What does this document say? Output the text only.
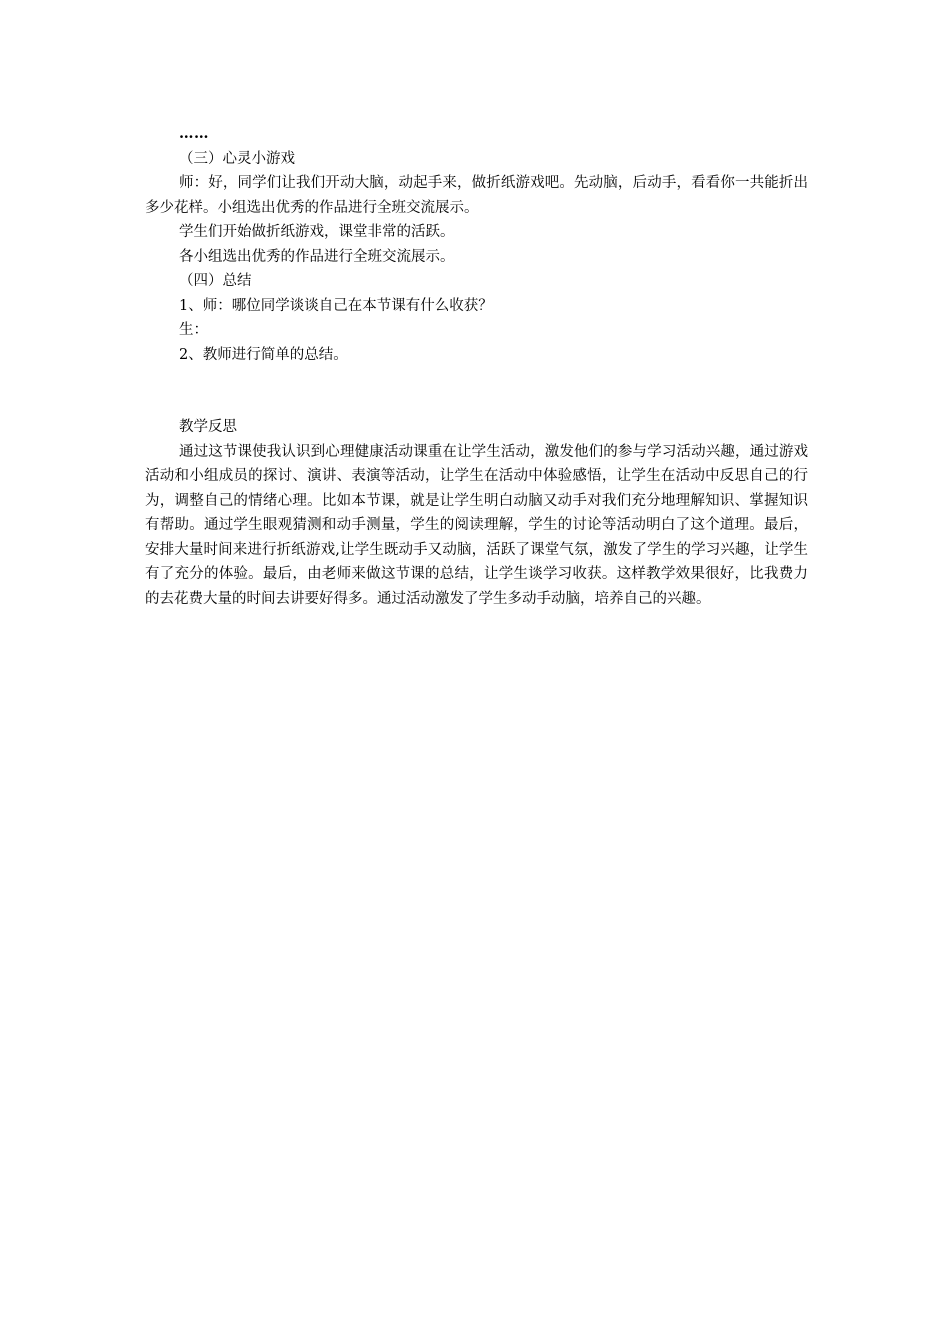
……

（三）心灵小游戏

师：好，同学们让我们开动大脑，动起手来，做折纸游戏吧。先动脑，后动手，看看你一共能折出多少花样。小组选出优秀的作品进行全班交流展示。

学生们开始做折纸游戏，课堂非常的活跃。

各小组选出优秀的作品进行全班交流展示。

（四）总结

1、师：哪位同学谈谈自己在本节课有什么收获？

生：

2、教师进行简单的总结。

教学反思

通过这节课使我认识到心理健康活动课重在让学生活动，激发他们的参与学习活动兴趣，通过游戏活动和小组成员的探讨、演讲、表演等活动，让学生在活动中体验感悟，让学生在活动中反思自己的行为，调整自己的情绪心理。比如本节课，就是让学生明白动脑又动手对我们充分地理解知识、掌握知识有帮助。通过学生眼观猜测和动手测量，学生的阅读理解，学生的讨论等活动明白了这个道理。最后，安排大量时间来进行折纸游戏,让学生既动手又动脑，活跃了课堂气氛，激发了学生的学习兴趣，让学生有了充分的体验。最后，由老师来做这节课的总结，让学生谈学习收获。这样教学效果很好，比我费力的去花费大量的时间去讲要好得多。通过活动激发了学生多动手动脑，培养自己的兴趣。
